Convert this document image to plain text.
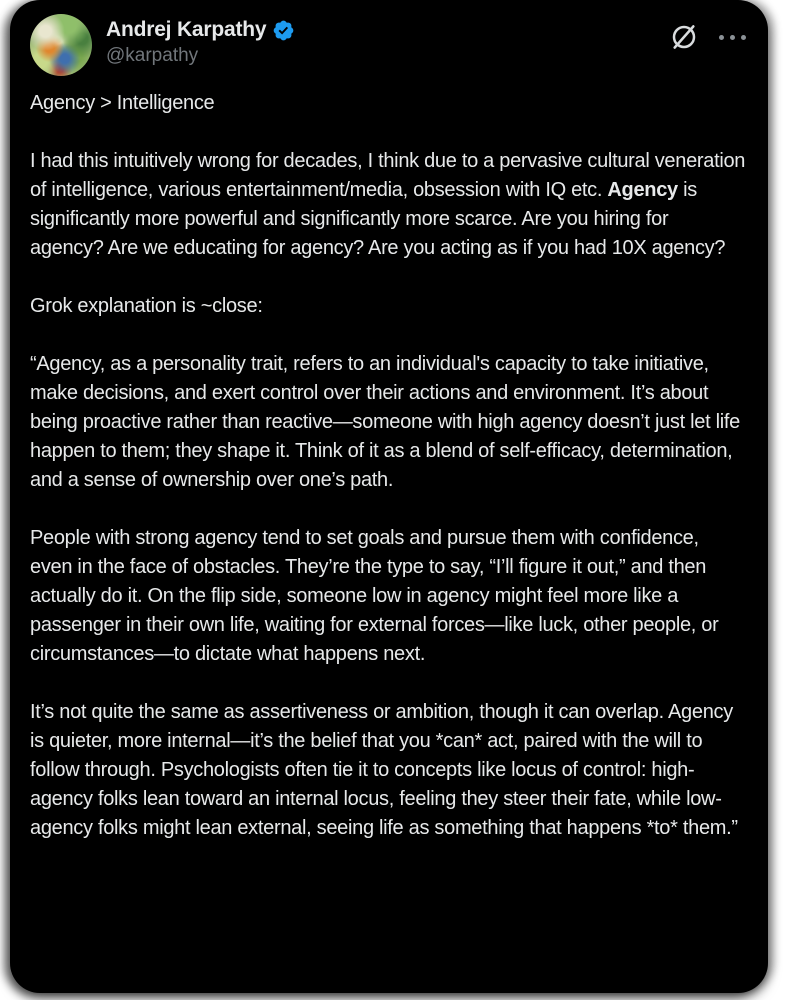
Andrej Karpathy
@karpathy

Agency > Intelligence

I had this intuitively wrong for decades, I think due to a pervasive cultural veneration of intelligence, various entertainment/media, obsession with IQ etc. Agency is significantly more powerful and significantly more scarce. Are you hiring for agency? Are we educating for agency? Are you acting as if you had 10X agency?

Grok explanation is ~close:

“Agency, as a personality trait, refers to an individual's capacity to take initiative, make decisions, and exert control over their actions and environment. It’s about being proactive rather than reactive—someone with high agency doesn’t just let life happen to them; they shape it. Think of it as a blend of self-efficacy, determination, and a sense of ownership over one’s path.

People with strong agency tend to set goals and pursue them with confidence, even in the face of obstacles. They’re the type to say, “I’ll figure it out,” and then actually do it. On the flip side, someone low in agency might feel more like a passenger in their own life, waiting for external forces—like luck, other people, or circumstances—to dictate what happens next.

It’s not quite the same as assertiveness or ambition, though it can overlap. Agency is quieter, more internal—it’s the belief that you *can* act, paired with the will to follow through. Psychologists often tie it to concepts like locus of control: high-agency folks lean toward an internal locus, feeling they steer their fate, while low-agency folks might lean external, seeing life as something that happens *to* them.”
